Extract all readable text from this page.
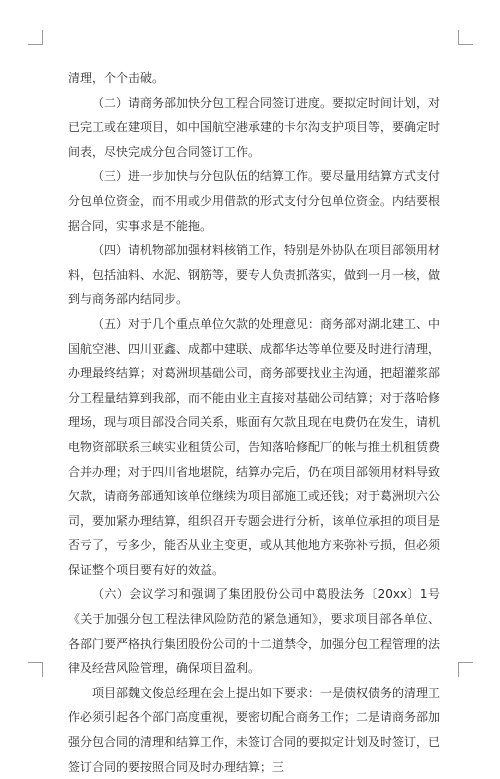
清理，个个击破。

（二）请商务部加快分包工程合同签订进度。要拟定时间计划，对已完工或在建项目，如中国航空港承建的卡尔沟支护项目等，要确定时间表，尽快完成分包合同签订工作。

（三）进一步加快与分包队伍的结算工作。要尽量用结算方式支付分包单位资金，而不用或少用借款的形式支付分包单位资金。内结要根据合同，实事求是不能拖。

（四）请机物部加强材料核销工作，特别是外协队在项目部领用材料，包括油料、水泥、钢筋等，要专人负责抓落实，做到一月一核，做到与商务部内结同步。

（五）对于几个重点单位欠款的处理意见：商务部对湖北建工、中国航空港、四川亚鑫、成都中建联、成都华达等单位要及时进行清理，办理最终结算；对葛洲坝基础公司，商务部要找业主沟通，把超灌浆部分工程量结算到我部，而不能由业主直接对基础公司结算；对于落哈修理场，现与项目部没合同关系，账面有欠款且现在电费仍在发生，请机电物资部联系三峡实业租赁公司，告知落哈修配厂的帐与推土机租赁费合并办理；对于四川省地堪院，结算办完后，仍在项目部领用材料导致欠款，请商务部通知该单位继续为项目部施工或还钱；对于葛洲坝六公司，要加紧办理结算，组织召开专题会进行分析，该单位承担的项目是否亏了，亏多少，能否从业主变更，或从其他地方来弥补亏损，但必须保证整个项目要有好的效益。

（六）会议学习和强调了集团股份公司中葛股法务〔20xx〕1号《关于加强分包工程法律风险防范的紧急通知》，要求项目部各单位、各部门要严格执行集团股份公司的十二道禁令，加强分包工程管理的法律及经营风险管理，确保项目盈利。

项目部魏文俊总经理在会上提出如下要求：一是债权债务的清理工作必须引起各个部门高度重视，要密切配合商务工作；二是请商务部加强分包合同的清理和结算工作，未签订合同的要拟定计划及时签订，已签订合同的要按照合同及时办理结算；三
